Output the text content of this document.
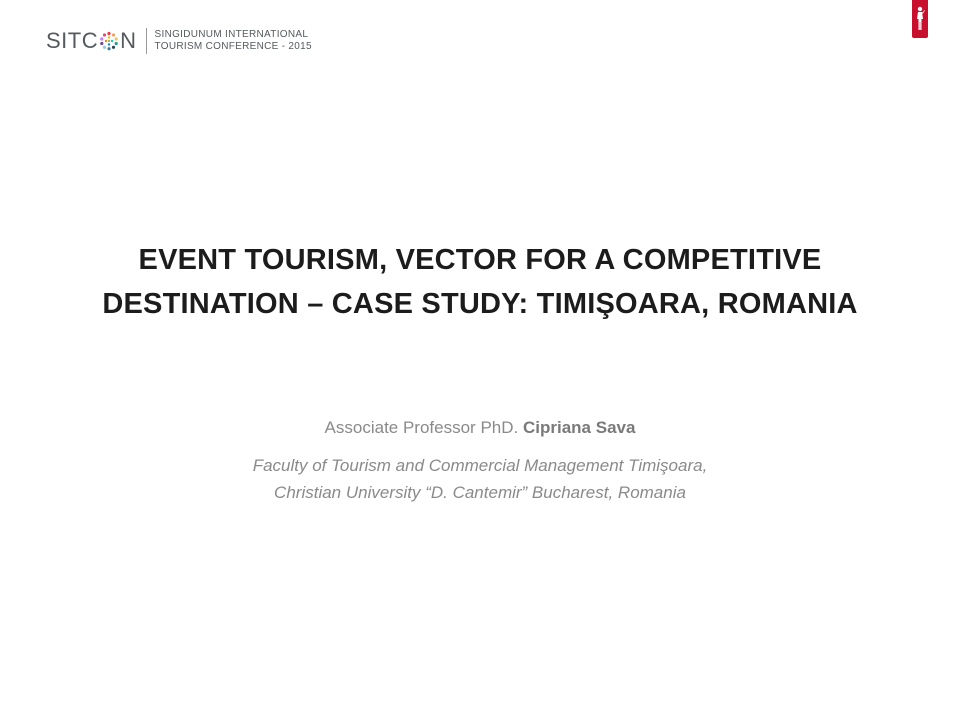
SITC N SINGIDUNUM INTERNATIONAL
TOURISM CONFERENCE - 2015
EVENT TOURISM, VECTOR FOR A COMPETITIVE DESTINATION – CASE STUDY: TIMIŞOARA, ROMANIA
Associate Professor PhD. Cipriana Sava
Faculty of Tourism and Commercial Management Timişoara,
Christian University “D. Cantemir” Bucharest, Romania
